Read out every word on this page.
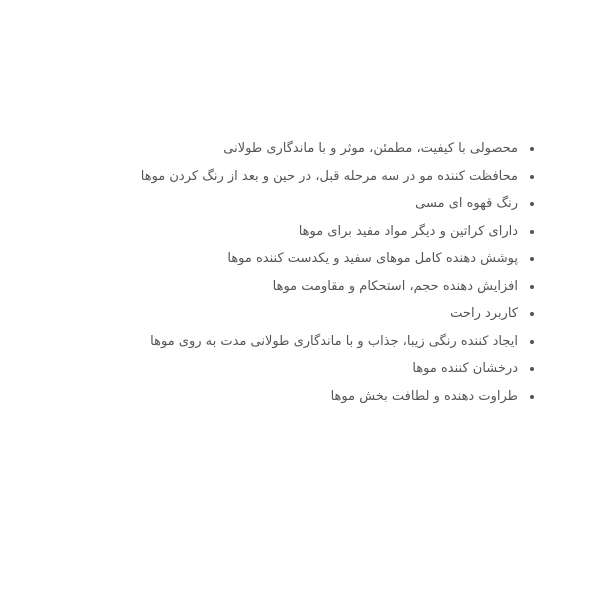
محصولی با کیفیت، مطمئن، موثر و با ماندگاری طولانی
محافظت کننده مو در سه مرحله قبل، در حین و بعد از رنگ کردن موها
رنگ قهوه ای مسی
دارای کراتین و دیگر مواد مفید برای موها
پوشش دهنده کامل موهای سفید و یکدست کننده موها
افزایش دهنده حجم، استحکام و مقاومت موها
کاربرد راحت
ایجاد کننده رنگی زیبا، جذاب و با ماندگاری طولانی مدت به روی موها
درخشان کننده موها
طراوت دهنده و لطافت بخش موها
